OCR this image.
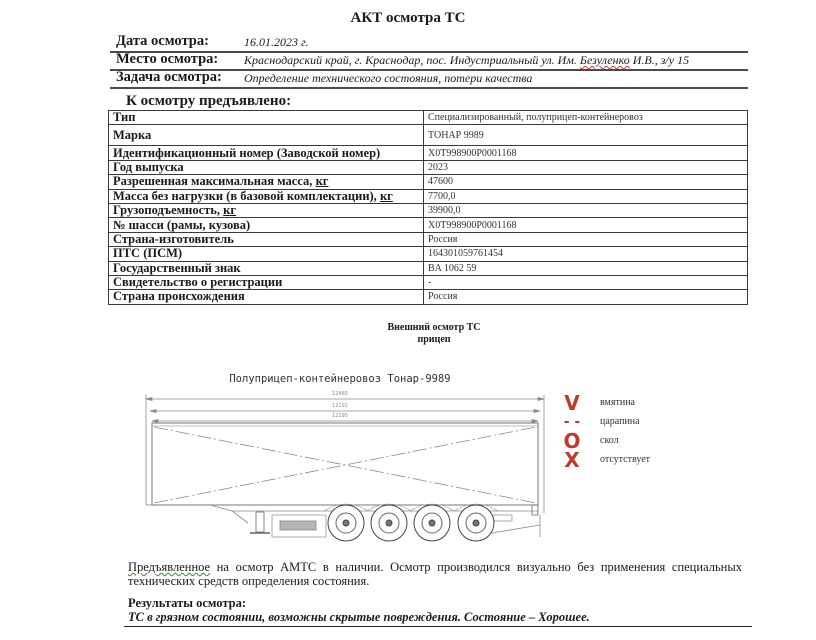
АКТ осмотра ТС
Дата осмотра:	16.01.2023 г.
Место осмотра: Краснодарский край, г. Краснодар, пос. Индустриальный ул. Им. Безуленко И.В., з/у 15
Задача осмотра: Определение технического состояния, потери качества
К осмотру предъявлено:
Тип	Специализированный, полуприцеп-контейнеровоз
Марка	ТОНАР 9989
Идентификационный номер (Заводской номер)	X0T998900P0001168
Год выпуска	2023
Разрешенная максимальная масса, кг	47600
Масса без нагрузки (в базовой комплектации), кг	7700,0
Грузоподъемность, кг	39900,0
№ шасси (рамы, кузова)	X0T998900P0001168
Страна-изготовитель	Россия
ПТС (ПСМ)	164301059761454
Государственный знак	BA 1062 59
Свидетельство о регистрации	-
Страна происхождения	Россия
Внешний осмотр ТС
прицеп
Полуприцеп-контейнеровоз Тонар-9989
12465
12192
12195
V	вмятина
- -	царапина
O	скол
X	отсутствует
Предъявленное на осмотр АМТС в наличии. Осмотр производился визуально без применения специальных технических средств определения состояния.
Результаты осмотра:
ТС в грязном состоянии, возможны скрытые повреждения. Состояние – Хорошее.
